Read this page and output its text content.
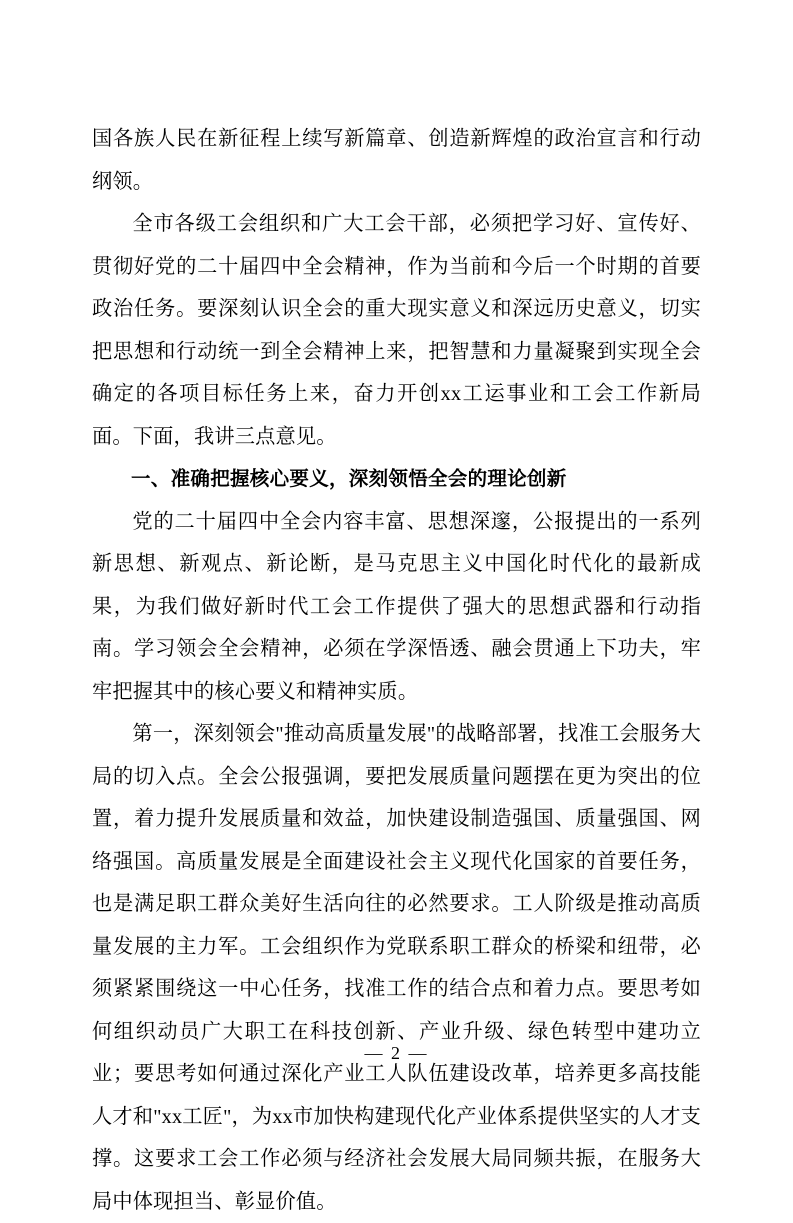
国各族人民在新征程上续写新篇章、创造新辉煌的政治宣言和行动纲领。

全市各级工会组织和广大工会干部，必须把学习好、宣传好、贯彻好党的二十届四中全会精神，作为当前和今后一个时期的首要政治任务。要深刻认识全会的重大现实意义和深远历史意义，切实把思想和行动统一到全会精神上来，把智慧和力量凝聚到实现全会确定的各项目标任务上来，奋力开创xx工运事业和工会工作新局面。下面，我讲三点意见。

一、准确把握核心要义，深刻领悟全会的理论创新

党的二十届四中全会内容丰富、思想深邃，公报提出的一系列新思想、新观点、新论断，是马克思主义中国化时代化的最新成果，为我们做好新时代工会工作提供了强大的思想武器和行动指南。学习领会全会精神，必须在学深悟透、融会贯通上下功夫，牢牢把握其中的核心要义和精神实质。

第一，深刻领会"推动高质量发展"的战略部署，找准工会服务大局的切入点。全会公报强调，要把发展质量问题摆在更为突出的位置，着力提升发展质量和效益，加快建设制造强国、质量强国、网络强国。高质量发展是全面建设社会主义现代化国家的首要任务，也是满足职工群众美好生活向往的必然要求。工人阶级是推动高质量发展的主力军。工会组织作为党联系职工群众的桥梁和纽带，必须紧紧围绕这一中心任务，找准工作的结合点和着力点。要思考如何组织动员广大职工在科技创新、产业升级、绿色转型中建功立业；要思考如何通过深化产业工人队伍建设改革，培养更多高技能人才和"xx工匠"，为xx市加快构建现代化产业体系提供坚实的人才支撑。这要求工会工作必须与经济社会发展大局同频共振，在服务大局中体现担当、彰显价值。

— 2 —
